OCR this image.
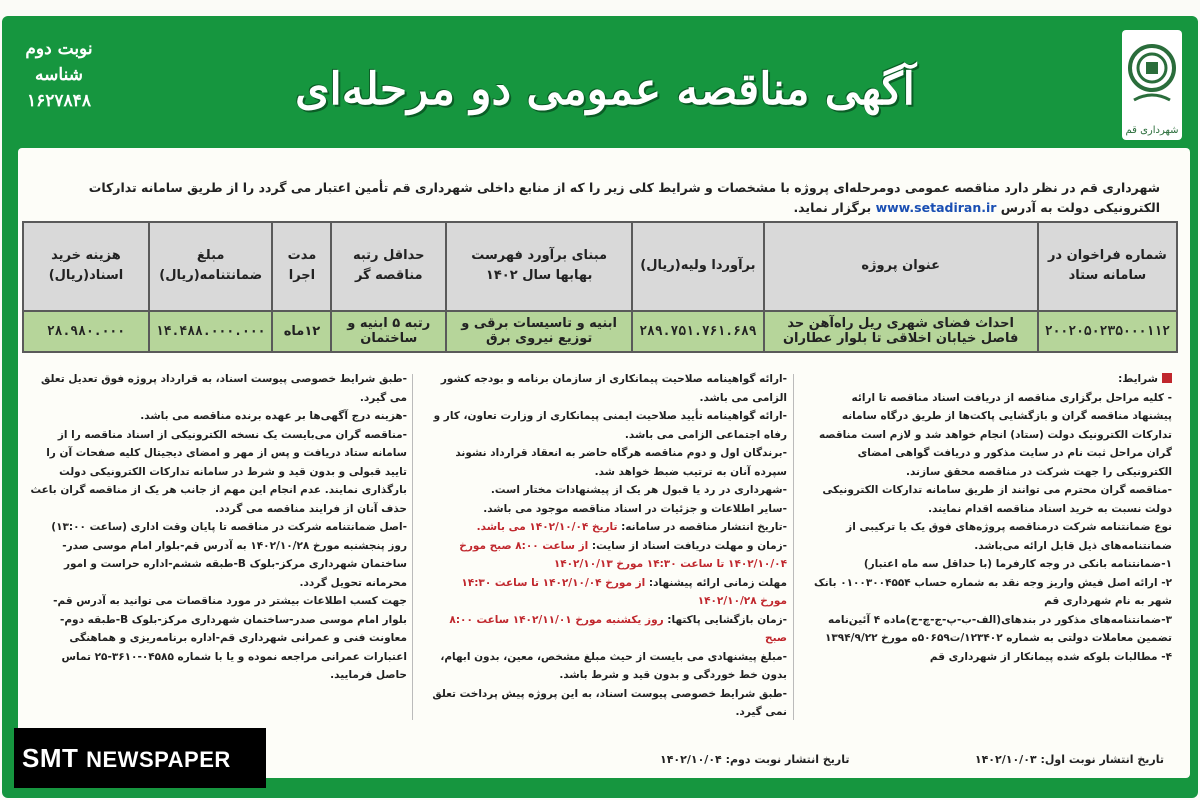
نوبت دوم
شناسه ۱۶۲۷۸۴۸	آگهی مناقصه عمومی دو مرحله‌ای
شهرداری قم
شهرداری قم در نظر دارد مناقصه عمومی دومرحله‌ای پروژه با مشخصات و شرایط کلی زیر را که از منابع داخلی شهرداری قم تأمین اعتبار می گردد را از طریق سامانه تدارکات الکترونیکی دولت به آدرس www.setadiran.ir برگزار نماید.
شماره فراخوان در سامانه ستاد	عنوان پروژه	برآوردا ولیه(ریال)	مبنای برآورد فهرست بهابها سال ۱۴۰۲	حداقل رتبه مناقصه گر	مدت اجرا	مبلغ ضمانتنامه(ریال)	هزینه خرید اسناد(ریال)
۲۰۰۲۰۵۰۲۳۵۰۰۰۱۱۲	احداث فضای شهری ریل راه‌آهن حد فاصل خیابان اخلاقی تا بلوار عطاران	۲۸۹.۷۵۱.۷۶۱.۶۸۹	ابنیه و تاسیسات برقی و توزیع نیروی برق	رتبه ۵ ابنیه و ساختمان	۱۲ماه	۱۴.۴۸۸.۰۰۰.۰۰۰	۲۸.۹۸۰.۰۰۰

شرایط:

- کلیه مراحل برگزاری مناقصه از دریافت اسناد مناقصه تا ارائه پیشنهاد مناقصه گران و بازگشایی پاکت‌ها از طریق درگاه سامانه تدارکات الکترونیک دولت (ستاد) انجام خواهد شد و لازم است مناقصه گران مراحل ثبت نام در سایت مذکور و دریافت گواهی امضای الکترونیکی را جهت شرکت در مناقصه محقق سازند.

-مناقصه گران محترم می توانند از طریق سامانه تدارکات الکترونیکی دولت نسبت به خرید اسناد مناقصه اقدام نمایند.

نوع ضمانتنامه شرکت درمناقصه پروژه‌های فوق یک یا ترکیبی از ضمانتنامه‌های ذیل قابل ارائه می‌باشد.

۱-ضمانتنامه بانکی در وجه کارفرما (با حداقل سه ماه اعتبار)

۲- ارائه اصل فیش واریز وجه نقد به شماره حساب ۰۱۰۰۳۰۰۴۵۵۴ بانک شهر به نام شهرداری قم

۳-ضمانتنامه‌های مذکور در بندهای(الف-ب-پ-ج-چ-ح)ماده ۴ آئین‌نامه تضمین معاملات دولتی به شماره ۱۲۳۴۰۲/ت۵۰۶۵۹ه مورخ ۱۳۹۴/۹/۲۲

۴- مطالبات بلوکه شده پیمانکار از شهرداری قم

-ارائه گواهینامه صلاحیت پیمانکاری از سازمان برنامه و بودجه کشور الزامی می باشد.

-ارائه گواهینامه تأیید صلاحیت ایمنی پیمانکاری از وزارت تعاون، کار و رفاه اجتماعی الزامی می باشد.

-برندگان اول و دوم مناقصه هرگاه حاضر به انعقاد قرارداد نشوند سپرده آنان به ترتیب ضبط خواهد شد.

-شهرداری در رد یا قبول هر یک از پیشنهادات مختار است.

-سایر اطلاعات و جزئیات در اسناد مناقصه موجود می باشد.

-تاریخ انتشار مناقصه در سامانه: تاریخ ۱۴۰۲/۱۰/۰۴ می باشد.

-زمان و مهلت دریافت اسناد از سایت: از ساعت ۸:۰۰ صبح مورخ ۱۴۰۲/۱۰/۰۴ تا ساعت ۱۴:۳۰ مورخ ۱۴۰۲/۱۰/۱۳

مهلت زمانی ارائه پیشنهاد: از مورخ ۱۴۰۲/۱۰/۰۴ تا ساعت ۱۴:۳۰ مورخ ۱۴۰۲/۱۰/۲۸

-زمان بازگشایی پاکتها: روز یکشنبه مورخ ۱۴۰۲/۱۱/۰۱ ساعت ۸:۰۰ صبح

-مبلغ پیشنهادی می بایست از حیث مبلغ مشخص، معین، بدون ابهام، بدون خط خوردگی و بدون قید و شرط باشد.

-طبق شرایط خصوصی پیوست اسناد، به این پروژه پیش پرداخت تعلق نمی گیرد.

-طبق شرایط خصوصی پیوست اسناد، به قرارداد پروژه فوق تعدیل تعلق می گیرد.

-هزینه درج آگهی‌ها بر عهده برنده مناقصه می باشد.

-مناقصه گران می‌بایست یک نسخه الکترونیکی از اسناد مناقصه را از سامانه ستاد دریافت و پس از مهر و امضای دیجیتال کلیه صفحات آن را تایید قبولی و بدون قید و شرط در سامانه تدارکات الکترونیکی دولت بارگذاری نمایند. عدم انجام این مهم از جانب هر یک از مناقصه گران باعث حذف آنان از فرایند مناقصه می گردد.

-اصل ضمانتنامه شرکت در مناقصه تا پایان وقت اداری (ساعت ۱۳:۰۰) روز پنجشنبه مورخ ۱۴۰۲/۱۰/۲۸ به آدرس قم-بلوار امام موسی صدر-ساختمان شهرداری مرکز-بلوک B-طبقه ششم-اداره حراست و امور محرمانه تحویل گردد.

جهت کسب اطلاعات بیشتر در مورد مناقصات می توانید به آدرس قم-بلوار امام موسی صدر-ساختمان شهرداری مرکز-بلوک B-طبقه دوم-معاونت فنی و عمرانی شهرداری قم-اداره برنامه‌ریزی و هماهنگی اعتبارات عمرانی مراجعه نموده و یا با شماره ۰۴۵۸۵-۳۶۱۰-۲۵ تماس حاصل فرمایید.

تاریخ انتشار نوبت اول: ۱۴۰۲/۱۰/۰۳
تاریخ انتشار نوبت دوم: ۱۴۰۲/۱۰/۰۴
SMT NEWSPAPER
